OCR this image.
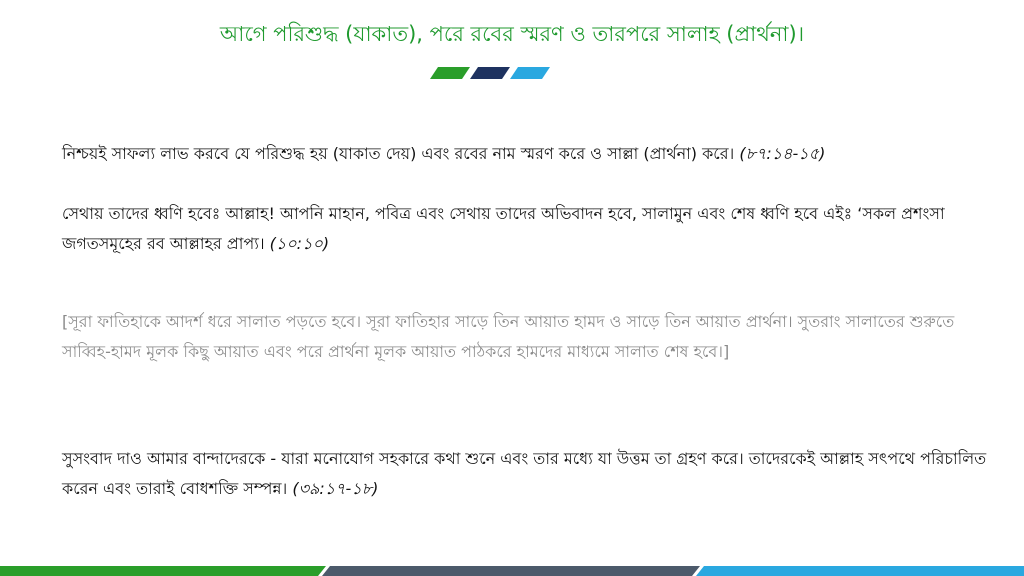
আগে পরিশুদ্ধ (যাকাত), পরে রবের স্মরণ ও তারপরে সালাহ (প্রার্থনা)।
নিশ্চয়ই সাফল্য লাভ করবে যে পরিশুদ্ধ হয় (যাকাত দেয়) এবং রবের নাম স্মরণ করে ও সাল্লা (প্রার্থনা) করে। (৮৭:১৪-১৫)
সেথায় তাদের ধ্বণি হবেঃ আল্লাহ! আপনি মাহান, পবিত্র এবং সেথায় তাদের অভিবাদন হবে, সালামুন এবং শেষ ধ্বণি হবে এইঃ ‘সকল প্রশংসা জগতসমূহের রব আল্লাহর প্রাপ্য। (১০:১০)
[সূরা ফাতিহাকে আদর্শ ধরে সালাত পড়তে হবে। সূরা ফাতিহার সাড়ে তিন আয়াত হামদ ও সাড়ে তিন আয়াত প্রার্থনা। সুতরাং সালাতের শুরুতে সাব্বিহ-হামদ মূলক কিছু আয়াত এবং পরে প্রার্থনা মূলক আয়াত পাঠকরে হামদের মাধ্যমে সালাত শেষ হবে।]
সুসংবাদ দাও আমার বান্দাদেরকে - যারা মনোযোগ সহকারে কথা শুনে এবং তার মধ্যে যা উত্তম তা গ্রহণ করে। তাদেরকেই আল্লাহ সৎপথে পরিচালিত করেন এবং তারাই বোধশক্তি সম্পন্ন। (৩৯:১৭-১৮)
